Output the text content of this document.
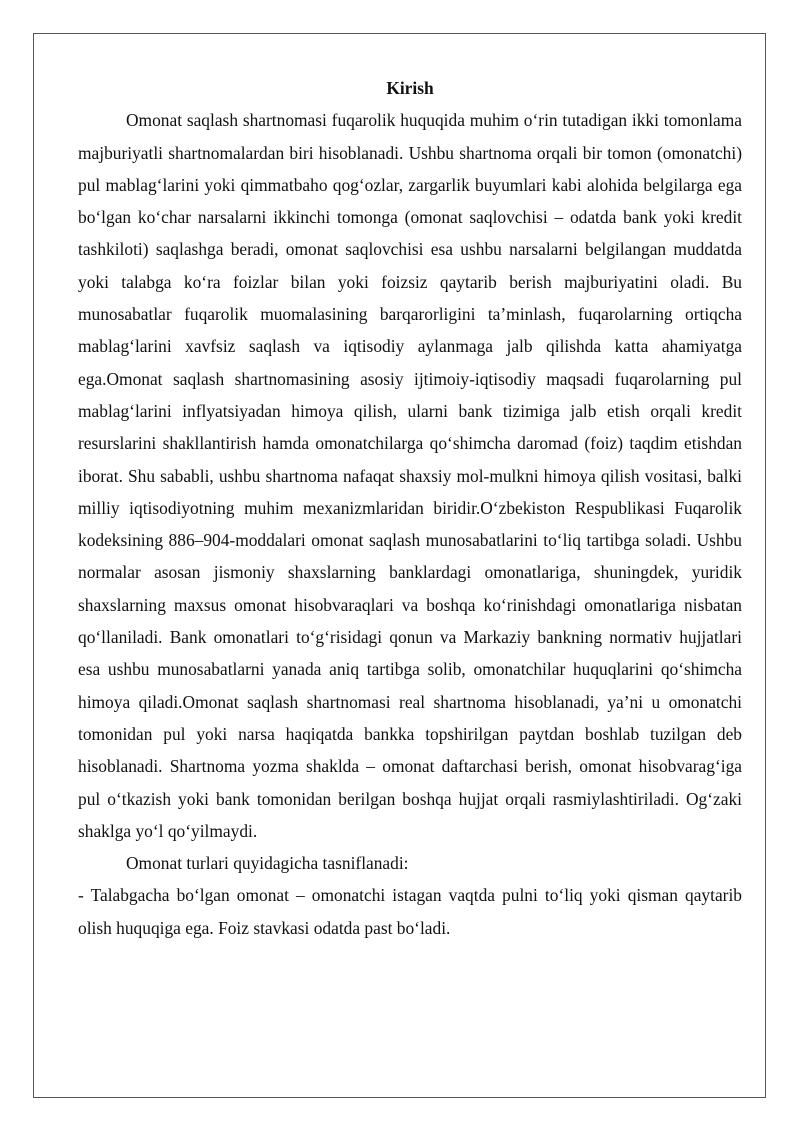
Kirish

Omonat saqlash shartnomasi fuqarolik huquqida muhim o‘rin tutadigan ikki tomonlama majburiyatli shartnomalardan biri hisoblanadi. Ushbu shartnoma orqali bir tomon (omonatchi) pul mablag‘larini yoki qimmatbaho qog‘ozlar, zargarlik buyumlari kabi alohida belgilarga ega bo‘lgan ko‘char narsalarni ikkinchi tomonga (omonat saqlovchisi – odatda bank yoki kredit tashkiloti) saqlashga beradi, omonat saqlovchisi esa ushbu narsalarni belgilangan muddatda yoki talabga ko‘ra foizlar bilan yoki foizsiz qaytarib berish majburiyatini oladi. Bu munosabatlar fuqarolik muomalasining barqarorligini ta’minlash, fuqarolarning ortiqcha mablag‘larini xavfsiz saqlash va iqtisodiy aylanmaga jalb qilishda katta ahamiyatga ega.Omonat saqlash shartnomasining asosiy ijtimoiy-iqtisodiy maqsadi fuqarolarning pul mablag‘larini inflyatsiyadan himoya qilish, ularni bank tizimiga jalb etish orqali kredit resurslarini shakllantirish hamda omonatchilarga qo‘shimcha daromad (foiz) taqdim etishdan iborat. Shu sababli, ushbu shartnoma nafaqat shaxsiy mol-mulkni himoya qilish vositasi, balki milliy iqtisodiyotning muhim mexanizmlaridan biridir.O‘zbekiston Respublikasi Fuqarolik kodeksining 886–904-moddalari omonat saqlash munosabatlarini to‘liq tartibga soladi. Ushbu normalar asosan jismoniy shaxslarning banklardagi omonatlariga, shuningdek, yuridik shaxslarning maxsus omonat hisobvaraqlari va boshqa ko‘rinishdagi omonatlariga nisbatan qo‘llaniladi. Bank omonatlari to‘g‘risidagi qonun va Markaziy bankning normativ hujjatlari esa ushbu munosabatlarni yanada aniq tartibga solib, omonatchilar huquqlarini qo‘shimcha himoya qiladi.Omonat saqlash shartnomasi real shartnoma hisoblanadi, ya’ni u omonatchi tomonidan pul yoki narsa haqiqatda bankka topshirilgan paytdan boshlab tuzilgan deb hisoblanadi. Shartnoma yozma shaklda – omonat daftarchasi berish, omonat hisobvarag‘iga pul o‘tkazish yoki bank tomonidan berilgan boshqa hujjat orqali rasmiylashtiriladi. Og‘zaki shaklga yo‘l qo‘yilmaydi.

Omonat turlari quyidagicha tasniflanadi:

- Talabgacha bo‘lgan omonat – omonatchi istagan vaqtda pulni to‘liq yoki qisman qaytarib olish huquqiga ega. Foiz stavkasi odatda past bo‘ladi.
